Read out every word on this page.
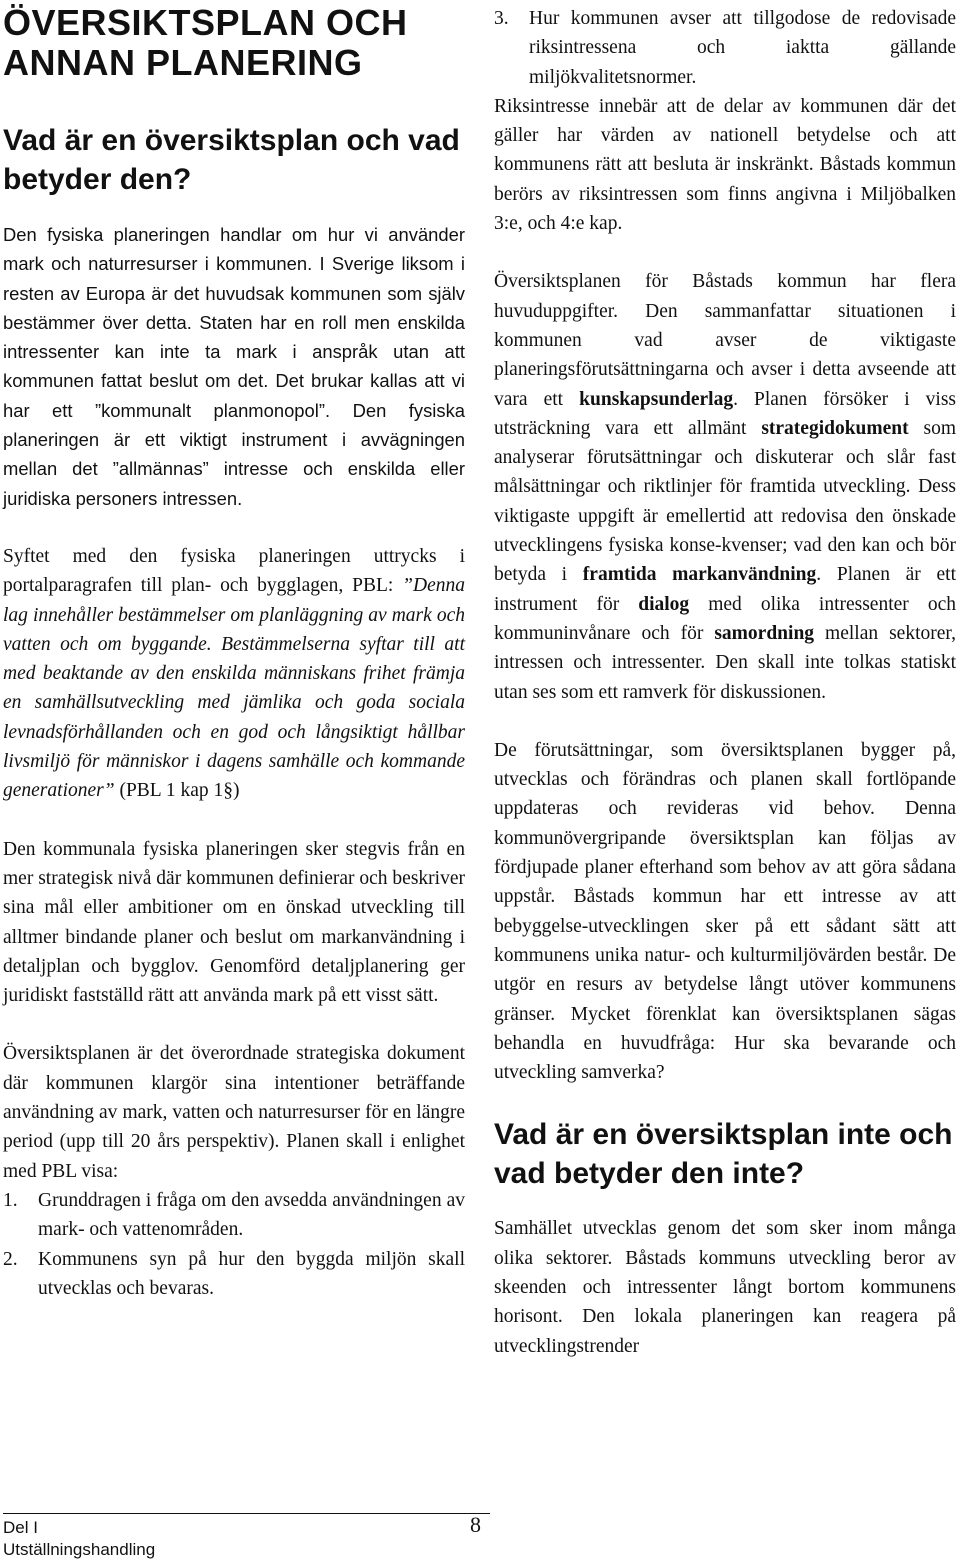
ÖVERSIKTSPLAN OCH ANNAN PLANERING
Vad är en översiktsplan och vad betyder den?

Den fysiska planeringen handlar om hur vi använder mark och naturresurser i kommunen. I Sverige liksom i resten av Europa är det huvudsak kommunen som själv bestämmer över detta. Staten har en roll men enskilda intressenter kan inte ta mark i anspråk utan att kommunen fattat beslut om det. Det brukar kallas att vi har ett ”kommunalt planmonopol”. Den fysiska planeringen är ett viktigt instrument i avvägningen mellan det ”allmännas” intresse och enskilda eller juridiska personers intressen.

Syftet med den fysiska planeringen uttrycks i portalparagrafen till plan- och bygglagen, PBL: ”Denna lag innehåller bestämmelser om planläggning av mark och vatten och om byggande. Bestämmelserna syftar till att med beaktande av den enskilda människans frihet främja en samhällsutveckling med jämlika och goda sociala levnadsförhållanden och en god och långsiktigt hållbar livsmiljö för människor i dagens samhälle och kommande generationer” (PBL 1 kap 1§)

Den kommunala fysiska planeringen sker stegvis från en mer strategisk nivå där kommunen definierar och beskriver sina mål eller ambitioner om en önskad utveckling till alltmer bindande planer och beslut om markanvändning i detaljplan och bygglov. Genomförd detaljplanering ger juridiskt fastställd rätt att använda mark på ett visst sätt.

Översiktsplanen är det överordnade strategiska dokument där kommunen klargör sina intentioner beträffande användning av mark, vatten och naturresurser för en längre period (upp till 20 års perspektiv). Planen skall i enlighet med PBL visa:

1. Grunddragen i fråga om den avsedda användningen av mark- och vattenområden.
2. Kommunens syn på hur den byggda miljön skall utvecklas och bevaras.
3. Hur kommunen avser att tillgodose de redovisade riksintressena och iaktta gällande miljökvalitetsnormer.

Riksintresse innebär att de delar av kommunen där det gäller har värden av nationell betydelse och att kommunens rätt att besluta är inskränkt. Båstads kommun berörs av riksintressen som finns angivna i Miljöbalken 3:e, och 4:e kap.

Översiktsplanen för Båstads kommun har flera huvuduppgifter. Den sammanfattar situationen i kommunen vad avser de viktigaste planeringsförutsättningarna och avser i detta avseende att vara ett kunskapsunderlag. Planen försöker i viss utsträckning vara ett allmänt strategidokument som analyserar förutsättningar och diskuterar och slår fast målsättningar och riktlinjer för framtida utveckling. Dess viktigaste uppgift är emellertid att redovisa den önskade utvecklingens fysiska konse-kvenser; vad den kan och bör betyda i framtida markanvändning. Planen är ett instrument för dialog med olika intressenter och kommuninvånare och för samordning mellan sektorer, intressen och intressenter. Den skall inte tolkas statiskt utan ses som ett ramverk för diskussionen.

De förutsättningar, som översiktsplanen bygger på, utvecklas och förändras och planen skall fortlöpande uppdateras och revideras vid behov. Denna kommunövergripande översiktsplan kan följas av fördjupade planer efterhand som behov av att göra sådana uppstår. Båstads kommun har ett intresse av att bebyggelse-utvecklingen sker på ett sådant sätt att kommunens unika natur- och kulturmiljövärden består. De utgör en resurs av betydelse långt utöver kommunens gränser. Mycket förenklat kan översiktsplanen sägas behandla en huvudfråga: Hur ska bevarande och utveckling samverka?

Vad är en översiktsplan inte och vad betyder den inte?

Samhället utvecklas genom det som sker inom många olika sektorer. Båstads kommuns utveckling beror av skeenden och intressenter långt bortom kommunens horisont. Den lokala planeringen kan reagera på utvecklingstrender

Del I
Utställningshandling
8
